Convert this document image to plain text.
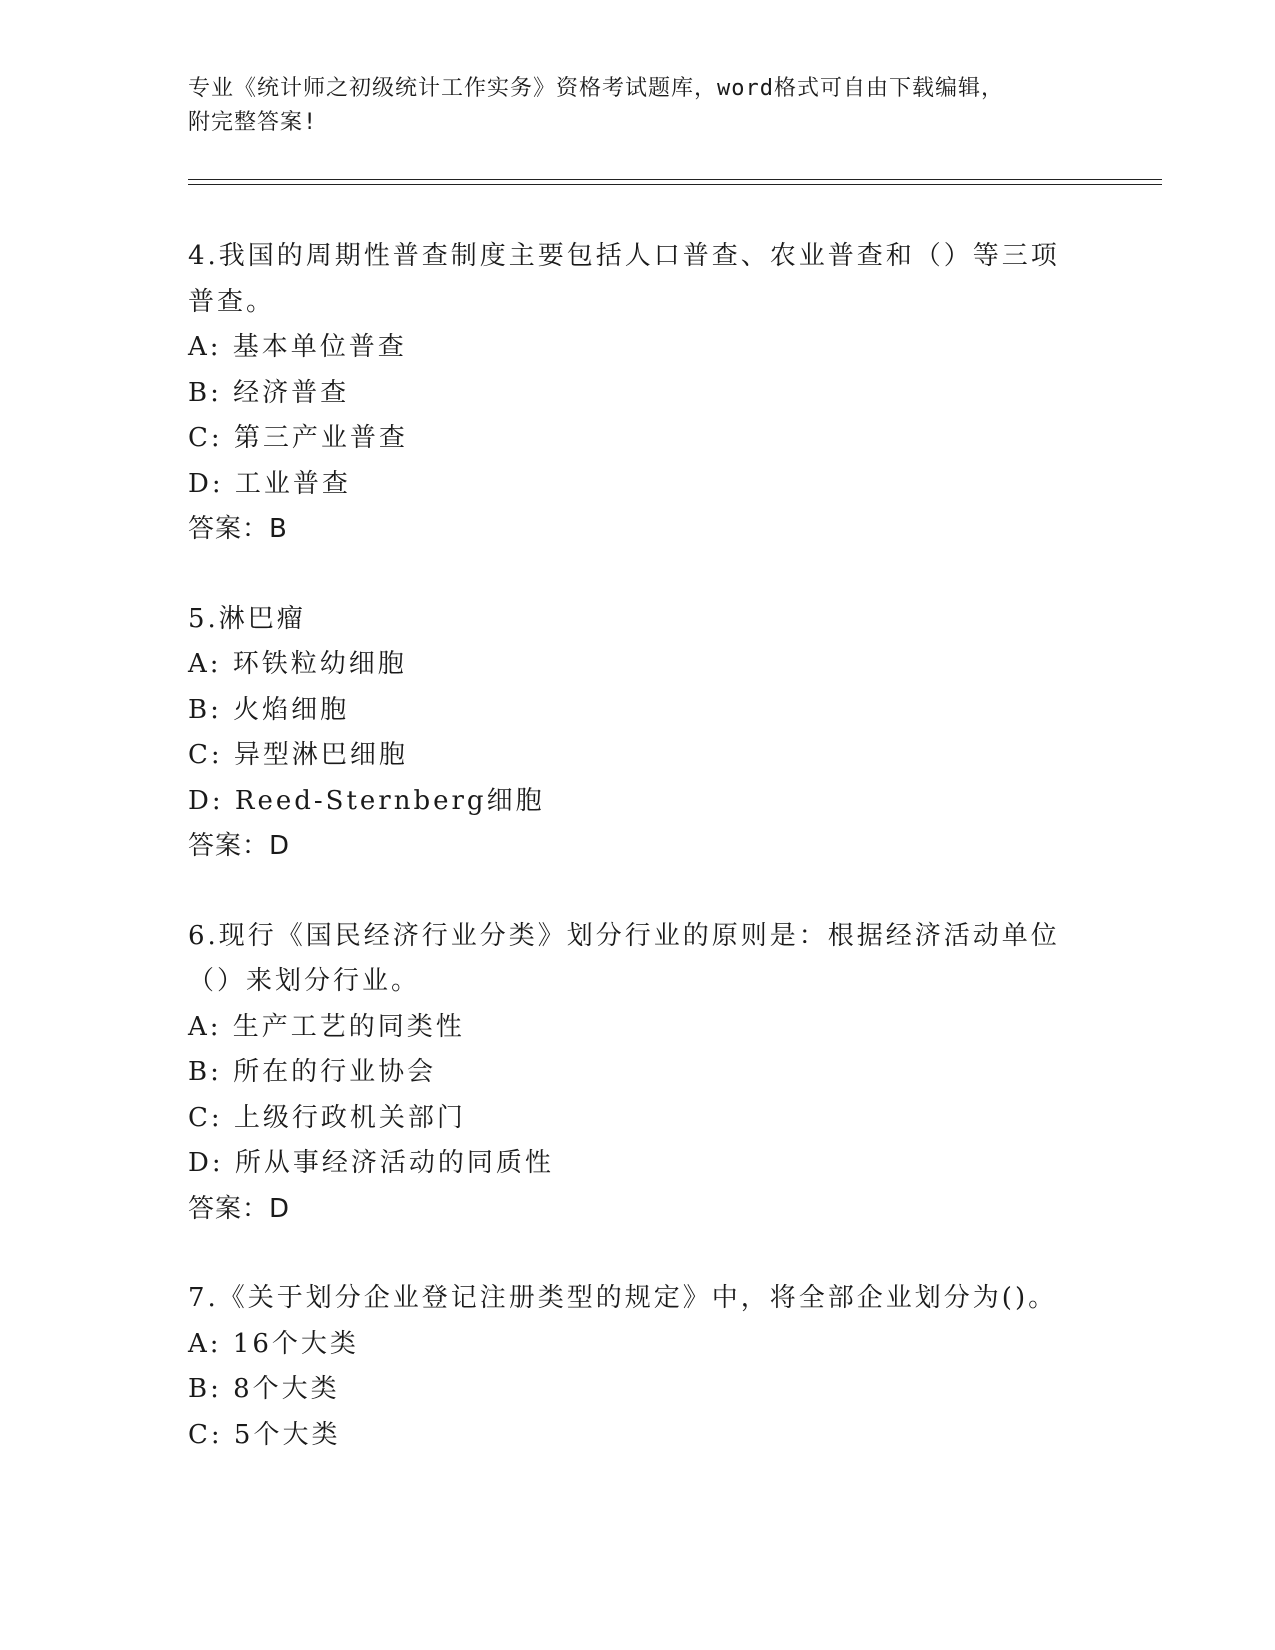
专业《统计师之初级统计工作实务》资格考试题库，word格式可自由下载编辑，
附完整答案!
4.我国的周期性普查制度主要包括人口普查、农业普查和（）等三项
普查。
A: 基本单位普查
B: 经济普查
C: 第三产业普查
D: 工业普查
答案：B
5.淋巴瘤
A: 环铁粒幼细胞
B: 火焰细胞
C: 异型淋巴细胞
D: Reed-Sternberg细胞
答案：D
6.现行《国民经济行业分类》划分行业的原则是：根据经济活动单位
（）来划分行业。
A: 生产工艺的同类性
B: 所在的行业协会
C: 上级行政机关部门
D: 所从事经济活动的同质性
答案：D
7.《关于划分企业登记注册类型的规定》中，将全部企业划分为()。
A: 16个大类
B: 8个大类
C: 5个大类
